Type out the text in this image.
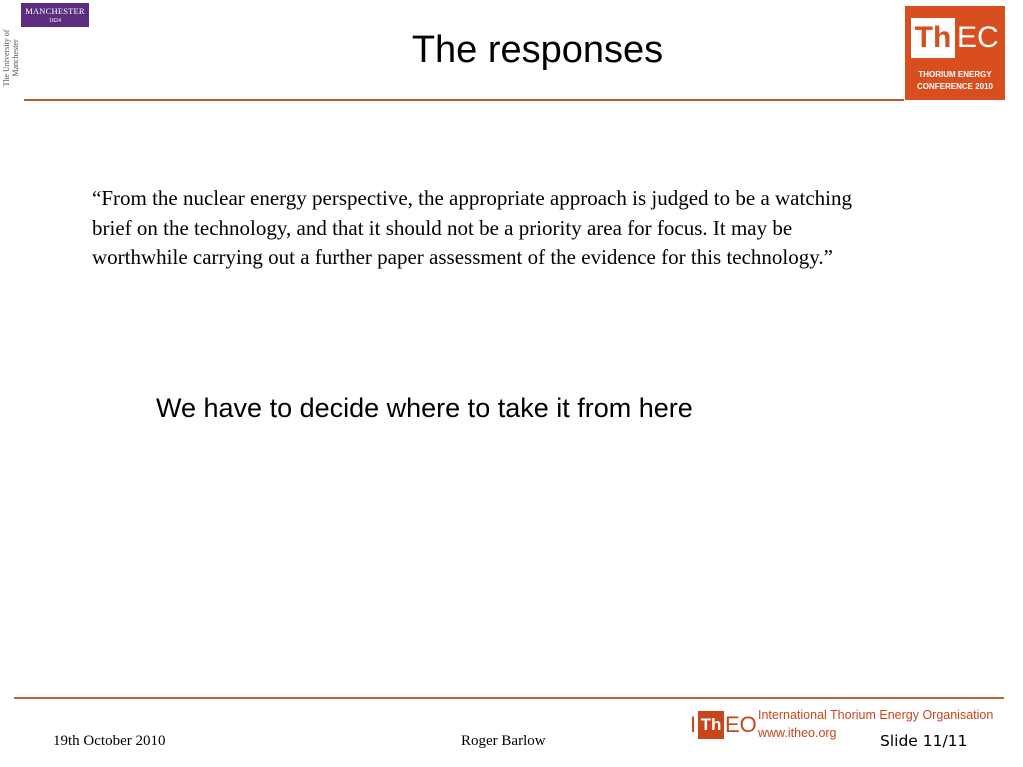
MANCHESTER
1824
The University of Manchester	The responses	Th EC
THORIUM ENERGY
CONFERENCE 2010
“From the nuclear energy perspective, the appropriate approach is judged to be a watching brief on the technology, and that it should not be a priority area for focus. It may be worthwhile carrying out a further paper assessment of the evidence for this technology.”
We have to decide where to take it from here
19th October 2010	Roger Barlow
I Th EO International Thorium Energy Organisation
www.itheo.org	Slide 11/11
